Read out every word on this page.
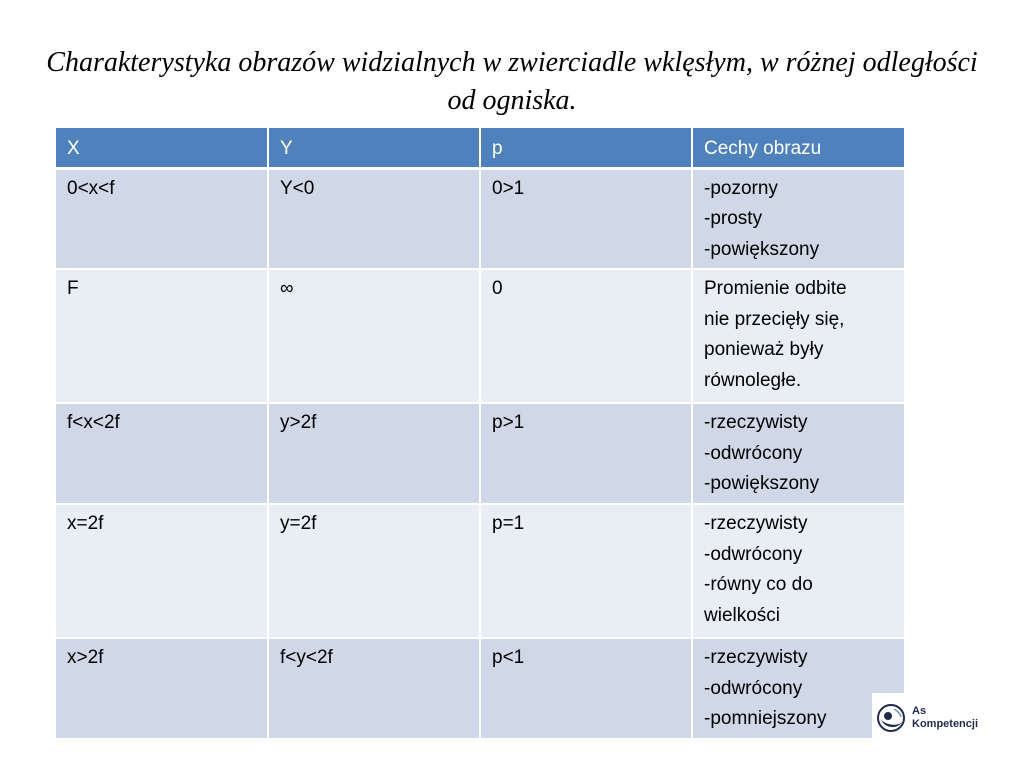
Charakterystyka obrazów widzialnych w zwierciadle wklęsłym, w różnej odległości od ogniska.
X	Y	p	Cechy obrazu
0<x<f	Y<0	0>1	-pozorny
-prosty
-powiększony

F	∞	0	Promienie odbite
nie przecięły się,
ponieważ były
równoległe.

f<x<2f	y>2f	p>1	-rzeczywisty
-odwrócony
-powiększony

x=2f	y=2f	p=1	-rzeczywisty
-odwrócony
-równy co do
wielkości

x>2f	f<y<2f	p<1	-rzeczywisty
-odwrócony
-pomniejszony	As
Kompetencji
